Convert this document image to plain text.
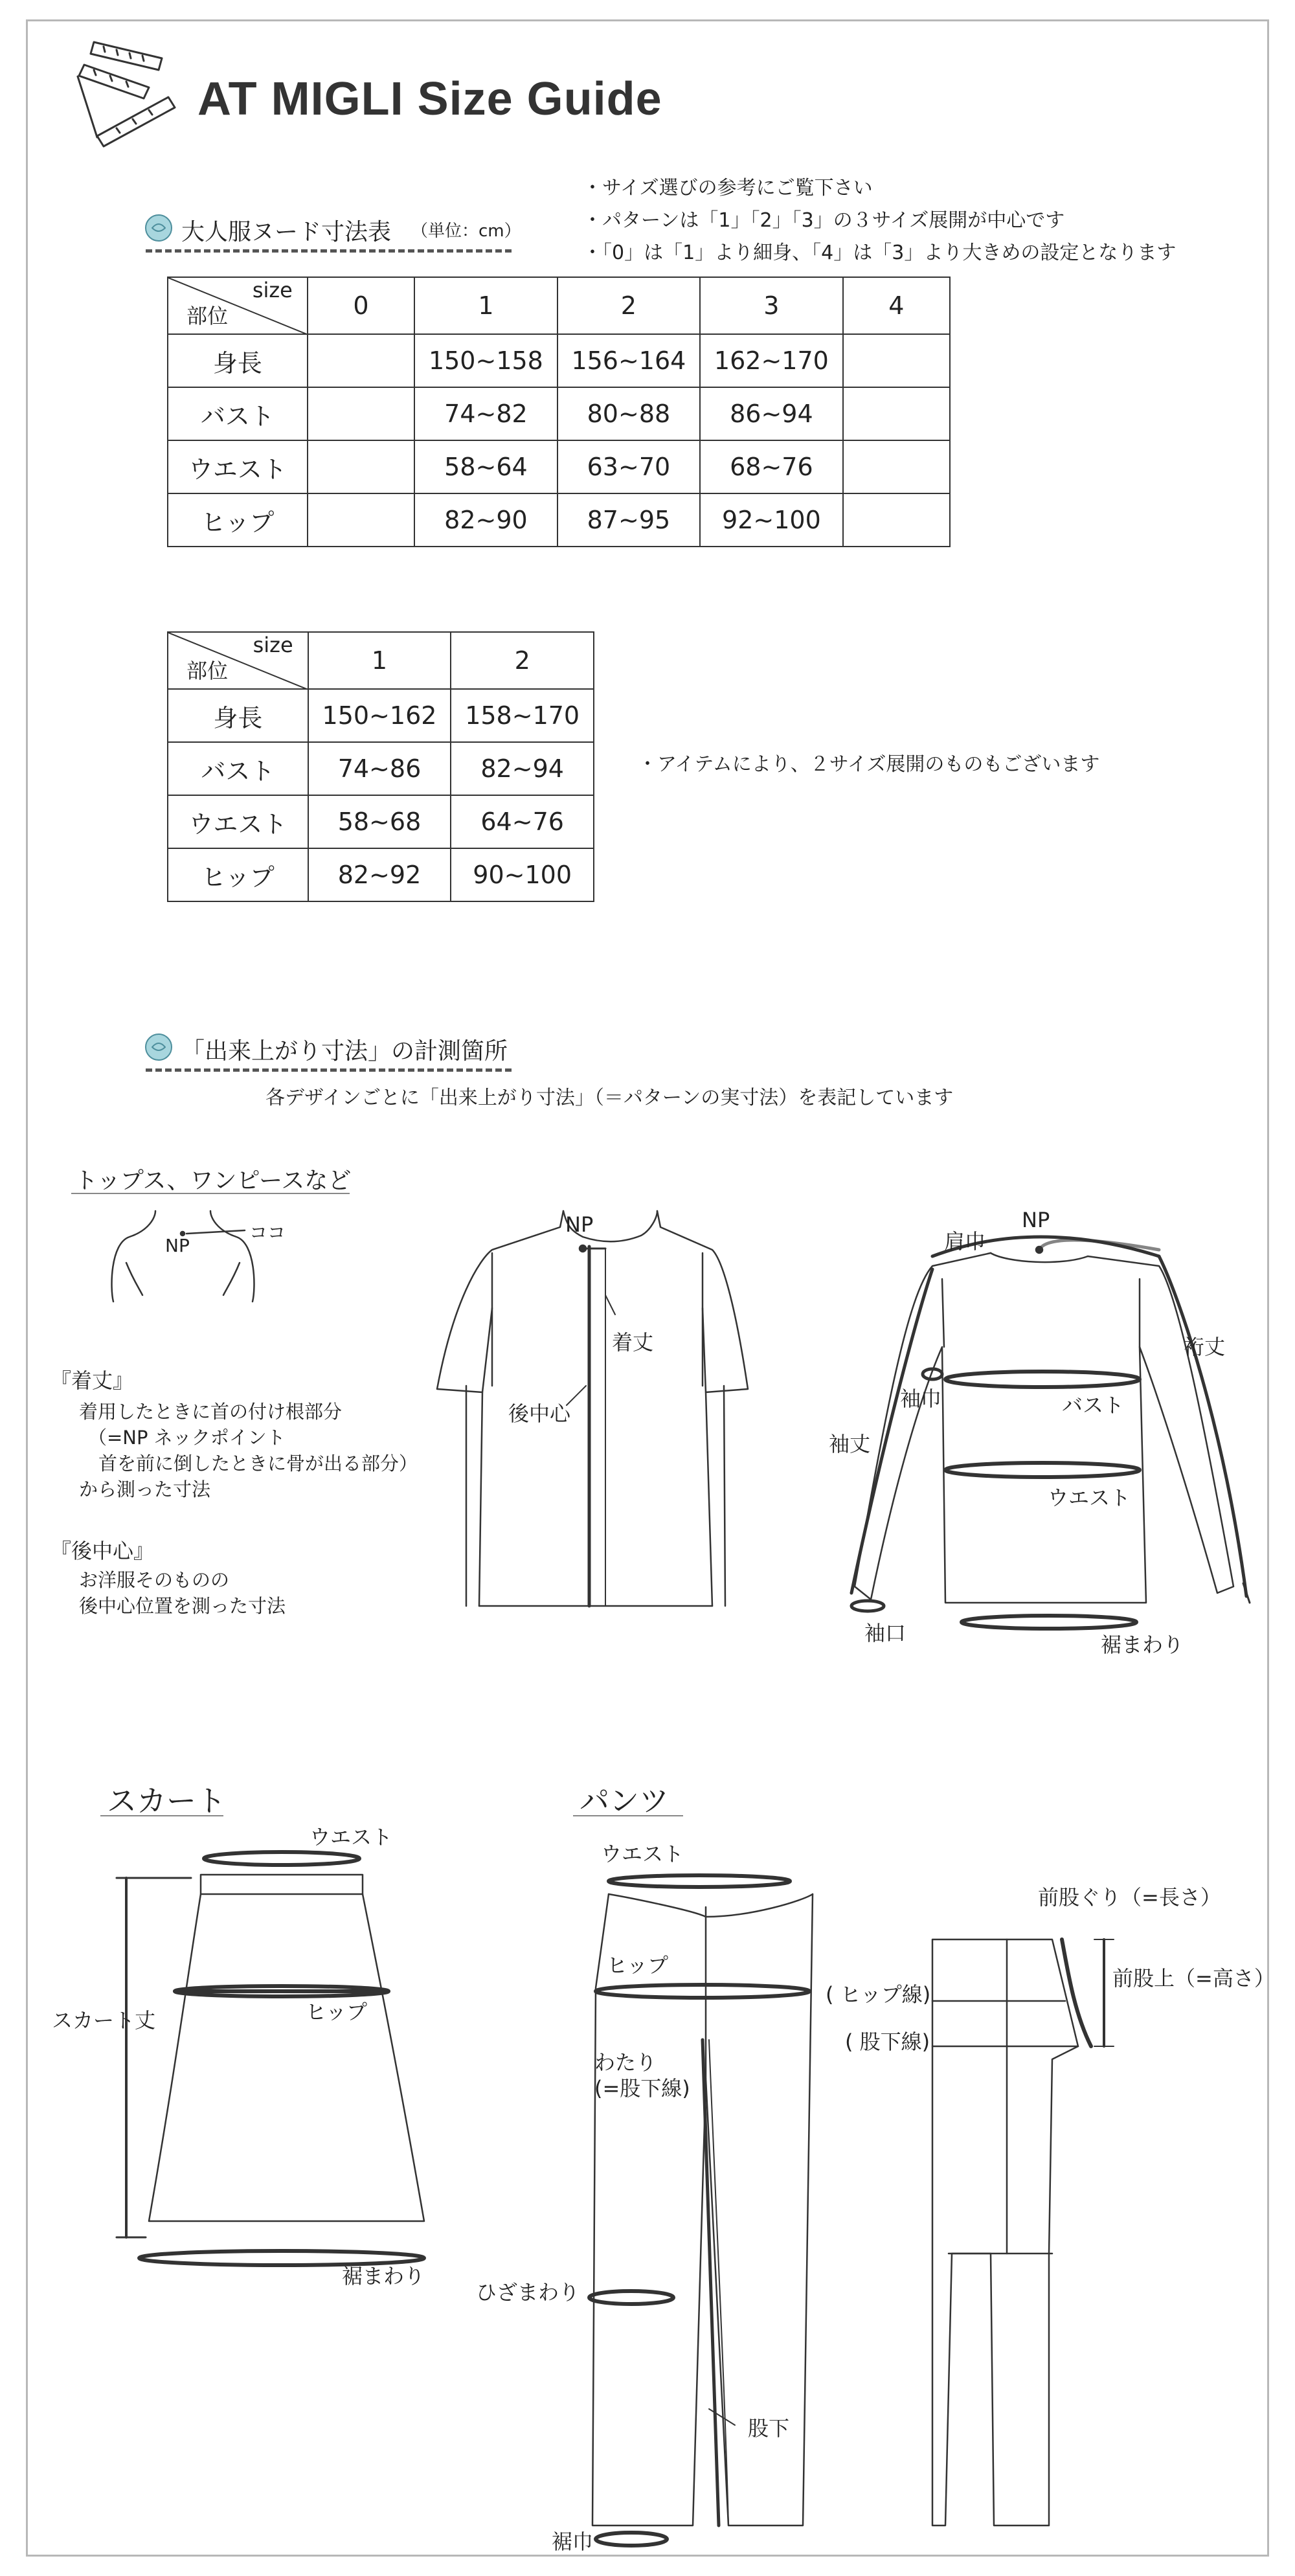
AT MIGLI Size Guide
大人服ヌード寸法表 （単位：cm）
・サイズ選びの参考にご覧下さい
・パターンは「1」「2」「3」の３サイズ展開が中心です
・「0」は「1」より細身、「4」は「3」より大きめの設定となります
size
部位	0	1	2	3	4
身長		150~158	156~164	162~170	
バスト		74~82	80~88	86~94	
ウエスト		58~64	63~70	68~76	
ヒップ		82~90	87~95	92~100	
size
部位	1	2
身長	150~162	158~170
バスト	74~86	82~94
ウエスト	58~68	64~76
ヒップ	82~92	90~100
・アイテムにより、２サイズ展開のものもございます
「出来上がり寸法」の計測箇所
各デザインごとに「出来上がり寸法」（＝パターンの実寸法）を表記しています
トップス、ワンピースなど
ココ
NP
『着丈』
着用したときに首の付け根部分
（=NP ネックポイント
首を前に倒したときに骨が出る部分）
から測った寸法
『後中心』
お洋服そのものの
後中心位置を測った寸法
NP
着丈
後中心
肩巾
NP
裄丈
袖巾	バスト
袖丈
ウエスト
袖口	裾まわり
スカート
ウエスト
スカート丈	ヒップ
裾まわり
パンツ
ウエスト
ヒップ
わたり
(=股下線)
ひざまわり
股下
裾巾
前股ぐり（=長さ）
前股上（=高さ）
( ヒップ線)
( 股下線)
